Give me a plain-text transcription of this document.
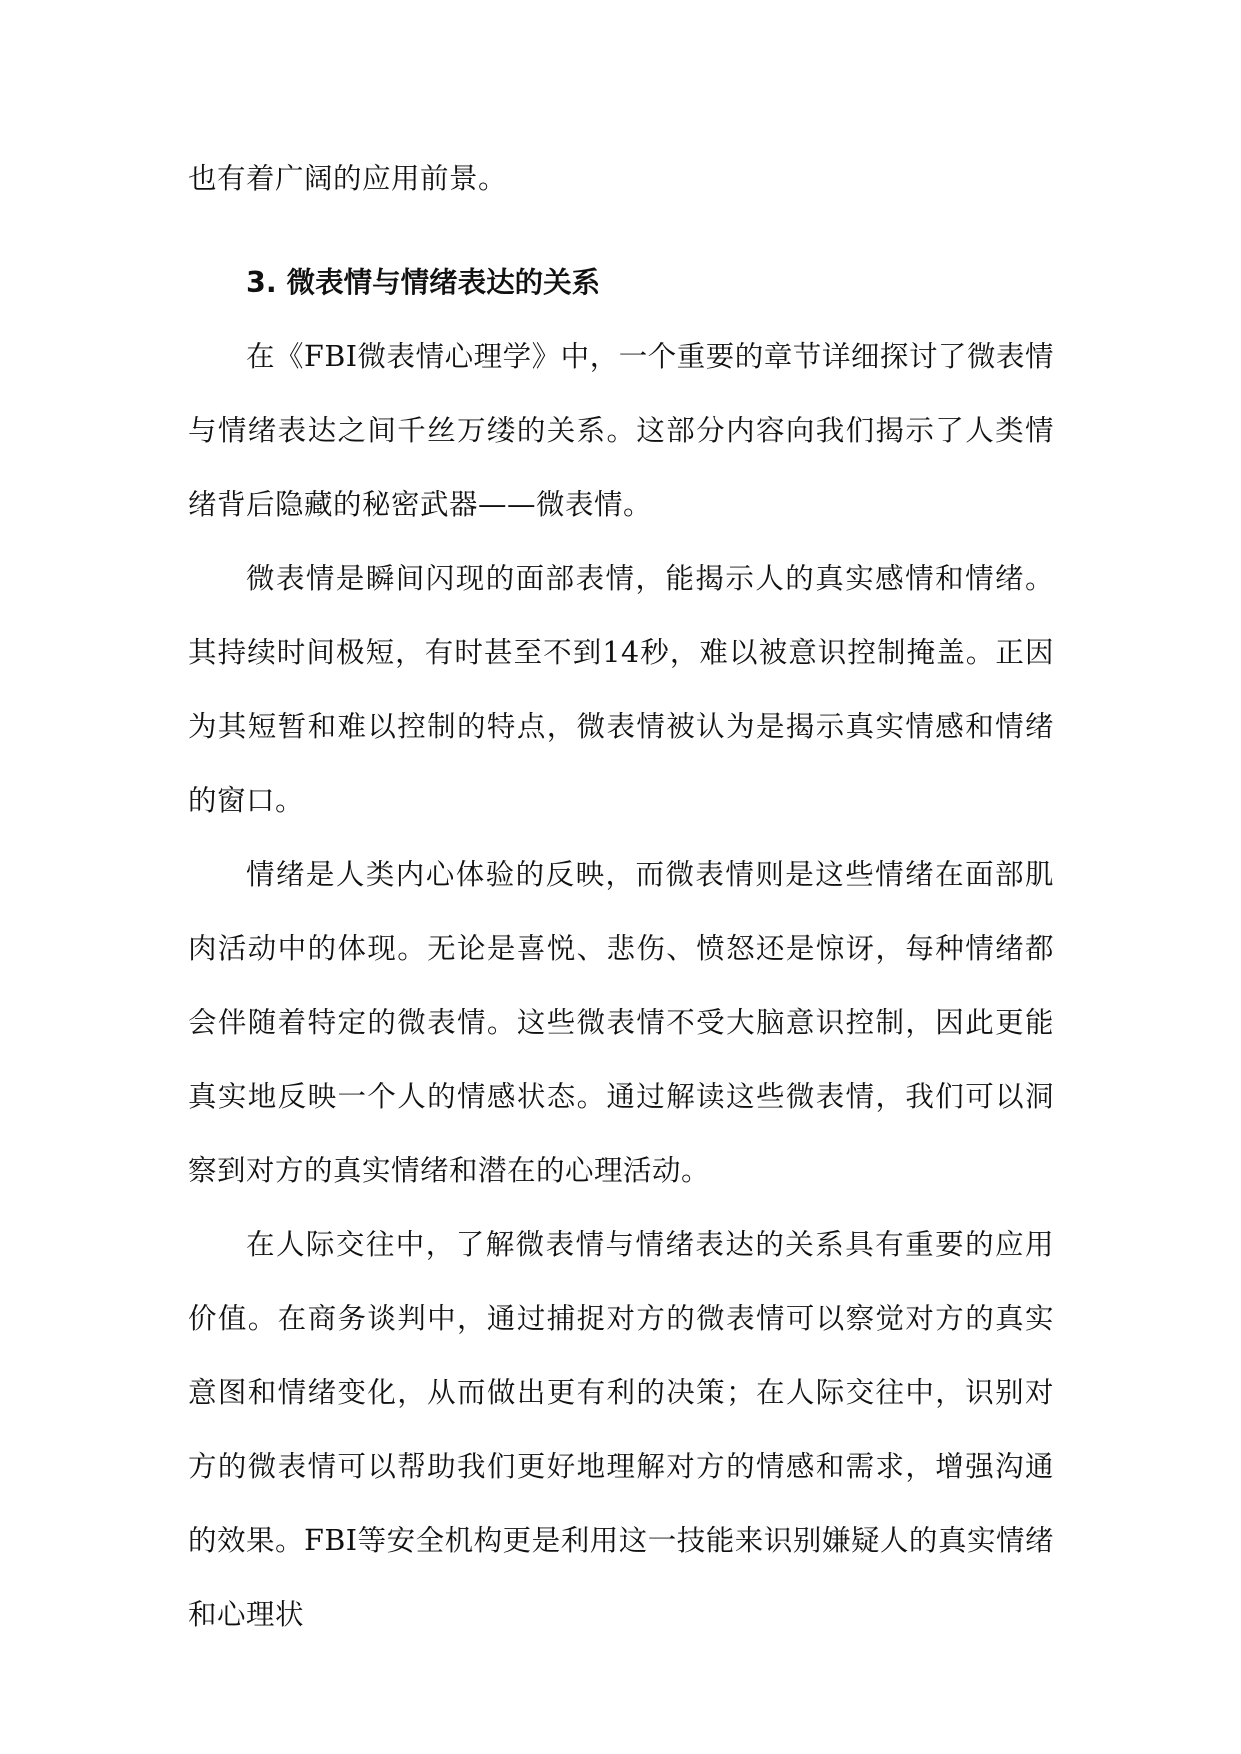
也有着广阔的应用前景。

3. 微表情与情绪表达的关系

在《FBI微表情心理学》中，一个重要的章节详细探讨了微表情与情绪表达之间千丝万缕的关系。这部分内容向我们揭示了人类情绪背后隐藏的秘密武器——微表情。

微表情是瞬间闪现的面部表情，能揭示人的真实感情和情绪。其持续时间极短，有时甚至不到14秒，难以被意识控制掩盖。正因为其短暂和难以控制的特点，微表情被认为是揭示真实情感和情绪的窗口。

情绪是人类内心体验的反映，而微表情则是这些情绪在面部肌肉活动中的体现。无论是喜悦、悲伤、愤怒还是惊讶，每种情绪都会伴随着特定的微表情。这些微表情不受大脑意识控制，因此更能真实地反映一个人的情感状态。通过解读这些微表情，我们可以洞察到对方的真实情绪和潜在的心理活动。

在人际交往中，了解微表情与情绪表达的关系具有重要的应用价值。在商务谈判中，通过捕捉对方的微表情可以察觉对方的真实意图和情绪变化，从而做出更有利的决策；在人际交往中，识别对方的微表情可以帮助我们更好地理解对方的情感和需求，增强沟通的效果。FBI等安全机构更是利用这一技能来识别嫌疑人的真实情绪和心理状
